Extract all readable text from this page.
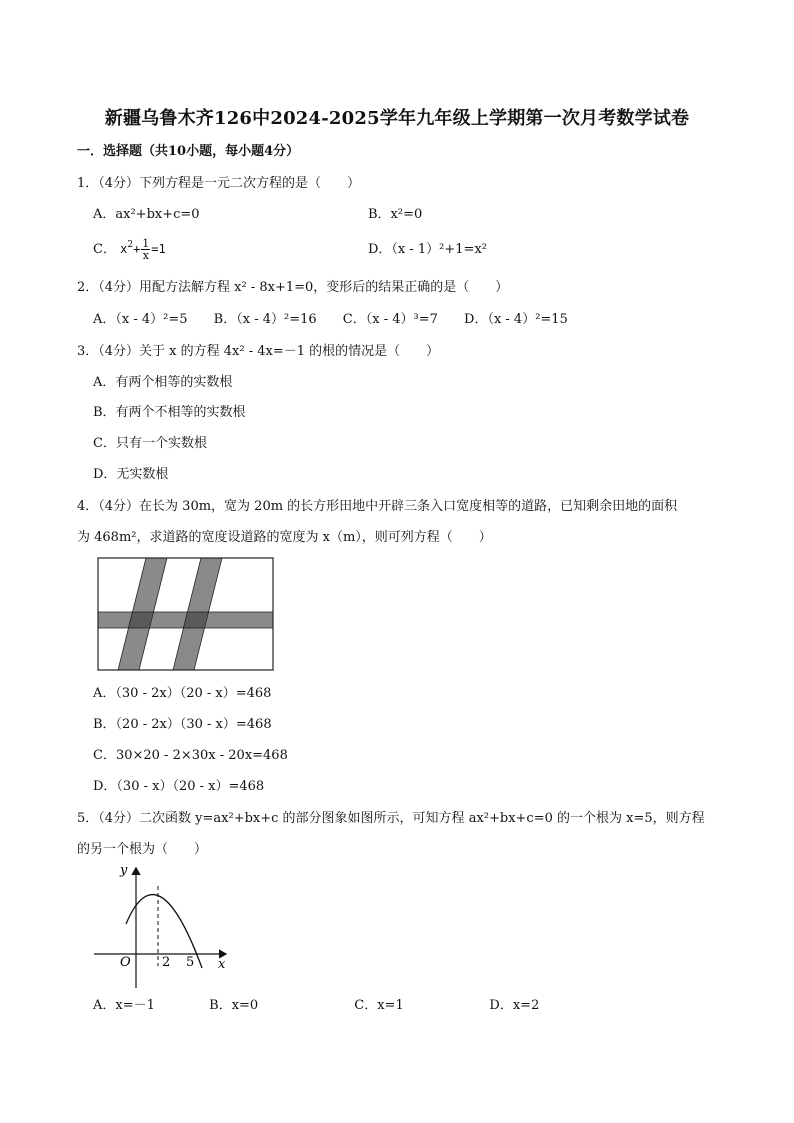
新疆乌鲁木齐126中2024-2025学年九年级上学期第一次月考数学试卷
一．选择题（共10小题，每小题4分）
1．（4分）下列方程是一元二次方程的是（　　）
A．ax²+bx+c=0	B．x²=0
C． $x^2+ \frac{1}{x} =1$	D．（x - 1）²+1=x²
2．（4分）用配方法解方程 x² - 8x+1=0，变形后的结果正确的是（　　）
A．（x - 4）²=5 B．（x - 4）²=16 C．（x - 4）³=7 D．（x - 4）²=15
3．（4分）关于 x 的方程 4x² - 4x=－1 的根的情况是（　　）
A．有两个相等的实数根
B．有两个不相等的实数根
C．只有一个实数根
D．无实数根
4．（4分）在长为 30m，宽为 20m 的长方形田地中开辟三条入口宽度相等的道路，已知剩余田地的面积
为 468m²，求道路的宽度设道路的宽度为 x（m），则可列方程（　　）
A．（30 - 2x）（20 - x）=468
B．（20 - 2x）（30 - x）=468
C．30×20 - 2×30x - 20x=468
D．（30 - x）（20 - x）=468
5．（4分）二次函数 y=ax²+bx+c 的部分图象如图所示，可知方程 ax²+bx+c=0 的一个根为 x=5，则方程
的另一个根为（　　）
y
x
O 2 5
A．x=－1	B．x=0	C．x=1	D．x=2
